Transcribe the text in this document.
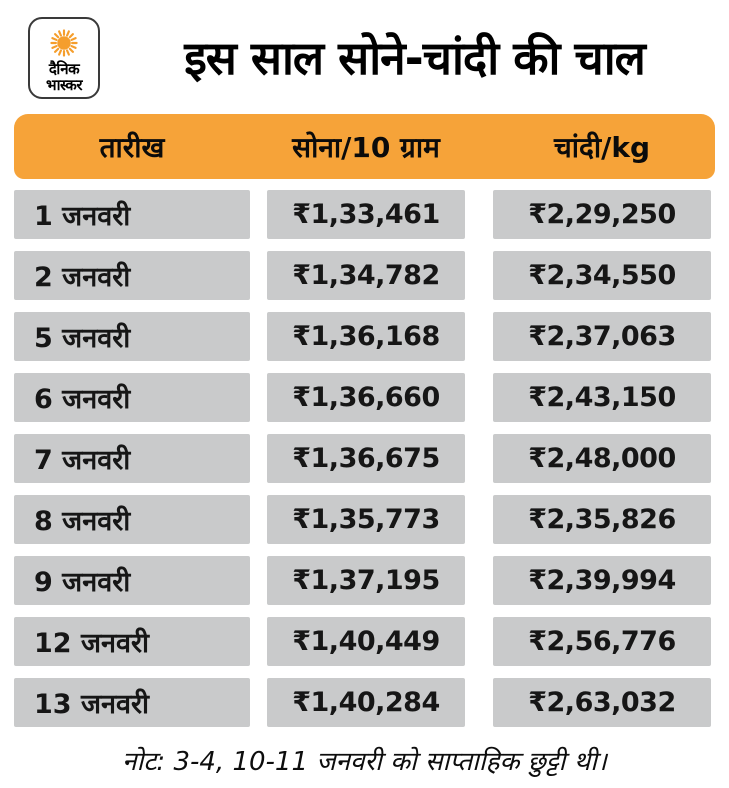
दैनिक
भास्कर	इस साल सोने-चांदी की चाल
तारीख	सोना/10 ग्राम	चांदी/kg
1 जनवरी	₹1,33,461	₹2,29,250
2 जनवरी	₹1,34,782	₹2,34,550
5 जनवरी	₹1,36,168	₹2,37,063
6 जनवरी	₹1,36,660	₹2,43,150
7 जनवरी	₹1,36,675	₹2,48,000
8 जनवरी	₹1,35,773	₹2,35,826
9 जनवरी	₹1,37,195	₹2,39,994
12 जनवरी	₹1,40,449	₹2,56,776
13 जनवरी	₹1,40,284	₹2,63,032

नोट: 3-4, 10-11 जनवरी को साप्ताहिक छुट्टी थी।
